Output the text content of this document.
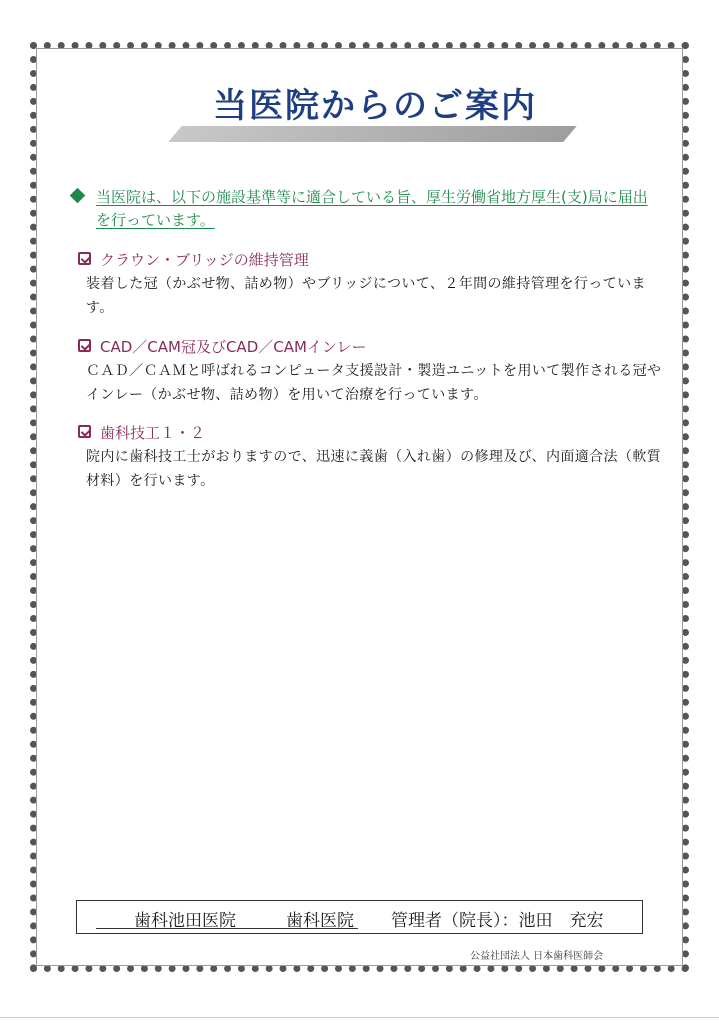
当医院からのご案内
当医院は、以下の施設基準等に適合している旨、厚生労働省地方厚生(支)局に届出を行っています。
クラウン・ブリッジの維持管理
装着した冠（かぶせ物、詰め物）やブリッジについて、２年間の維持管理を行っています。
CAD／CAM冠及びCAD／CAMインレー
ＣＡＤ／ＣＡＭと呼ばれるコンピュータ支援設計・製造ユニットを用いて製作される冠やインレー（かぶせ物、詰め物）を用いて治療を行っています。
歯科技工１・２
院内に歯科技工士がおりますので、迅速に義歯（入れ歯）の修理及び、内面適合法（軟質材料）を行います。
歯科池田医院	歯科医院 管理者（院長）：池田　充宏
公益社団法人 日本歯科医師会
